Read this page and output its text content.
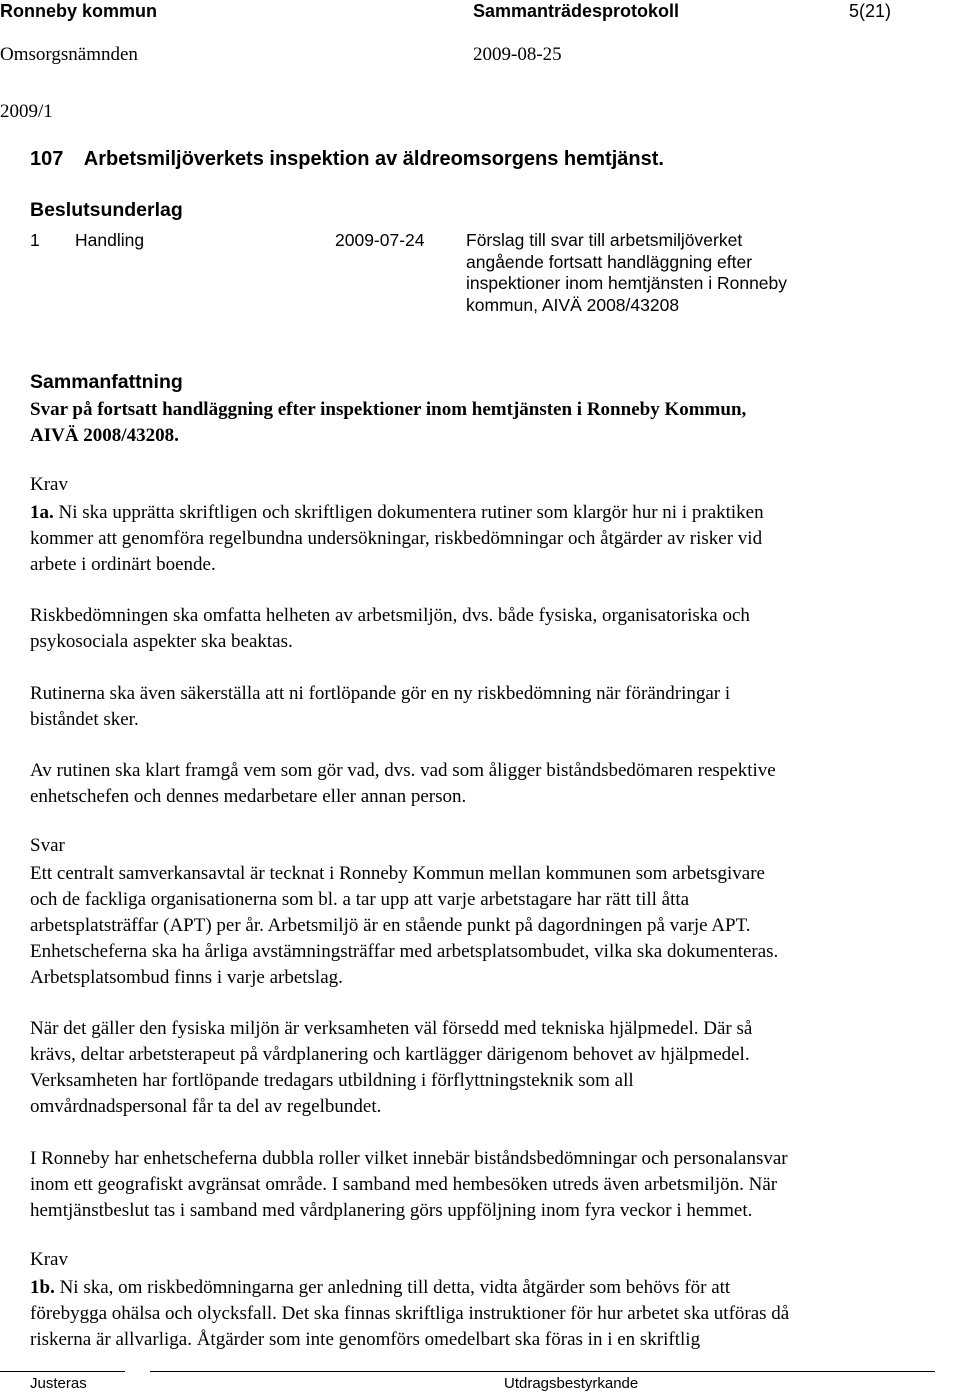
Ronneby kommun	Sammanträdesprotokoll	5(21)
Omsorgsnämnden	2009-08-25
2009/1
107 Arbetsmiljöverkets inspektion av äldreomsorgens hemtjänst.
Beslutsunderlag
1 Handling	2009-07-24 Förslag till svar till arbetsmiljöverket
angående fortsatt handläggning efter
inspektioner inom hemtjänsten i Ronneby
kommun, AIVÄ 2008/43208
Sammanfattning
Svar på fortsatt handläggning efter inspektioner inom hemtjänsten i Ronneby Kommun,
AIVÄ 2008/43208.
Krav
1a. Ni ska upprätta skriftligen och skriftligen dokumentera rutiner som klargör hur ni i praktiken
kommer att genomföra regelbundna undersökningar, riskbedömningar och åtgärder av risker vid
arbete i ordinärt boende.
Riskbedömningen ska omfatta helheten av arbetsmiljön, dvs. både fysiska, organisatoriska och
psykosociala aspekter ska beaktas.
Rutinerna ska även säkerställa att ni fortlöpande gör en ny riskbedömning när förändringar i
biståndet sker.
Av rutinen ska klart framgå vem som gör vad, dvs. vad som åligger biståndsbedömaren respektive
enhetschefen och dennes medarbetare eller annan person.
Svar
Ett centralt samverkansavtal är tecknat i Ronneby Kommun mellan kommunen som arbetsgivare
och de fackliga organisationerna som bl. a tar upp att varje arbetstagare har rätt till åtta
arbetsplatsträffar (APT) per år. Arbetsmiljö är en stående punkt på dagordningen på varje APT.
Enhetscheferna ska ha årliga avstämningsträffar med arbetsplatsombudet, vilka ska dokumenteras.
Arbetsplatsombud finns i varje arbetslag.
När det gäller den fysiska miljön är verksamheten väl försedd med tekniska hjälpmedel. Där så
krävs, deltar arbetsterapeut på vårdplanering och kartlägger därigenom behovet av hjälpmedel.
Verksamheten har fortlöpande tredagars utbildning i förflyttningsteknik som all
omvårdnadspersonal får ta del av regelbundet.
I Ronneby har enhetscheferna dubbla roller vilket innebär biståndsbedömningar och personalansvar
inom ett geografiskt avgränsat område. I samband med hembesöken utreds även arbetsmiljön. När
hemtjänstbeslut tas i samband med vårdplanering görs uppföljning inom fyra veckor i hemmet.
Krav
1b. Ni ska, om riskbedömningarna ger anledning till detta, vidta åtgärder som behövs för att
förebygga ohälsa och olycksfall. Det ska finnas skriftliga instruktioner för hur arbetet ska utföras då
riskerna är allvarliga. Åtgärder som inte genomförs omedelbart ska föras in i en skriftlig
Justeras	Utdragsbestyrkande
